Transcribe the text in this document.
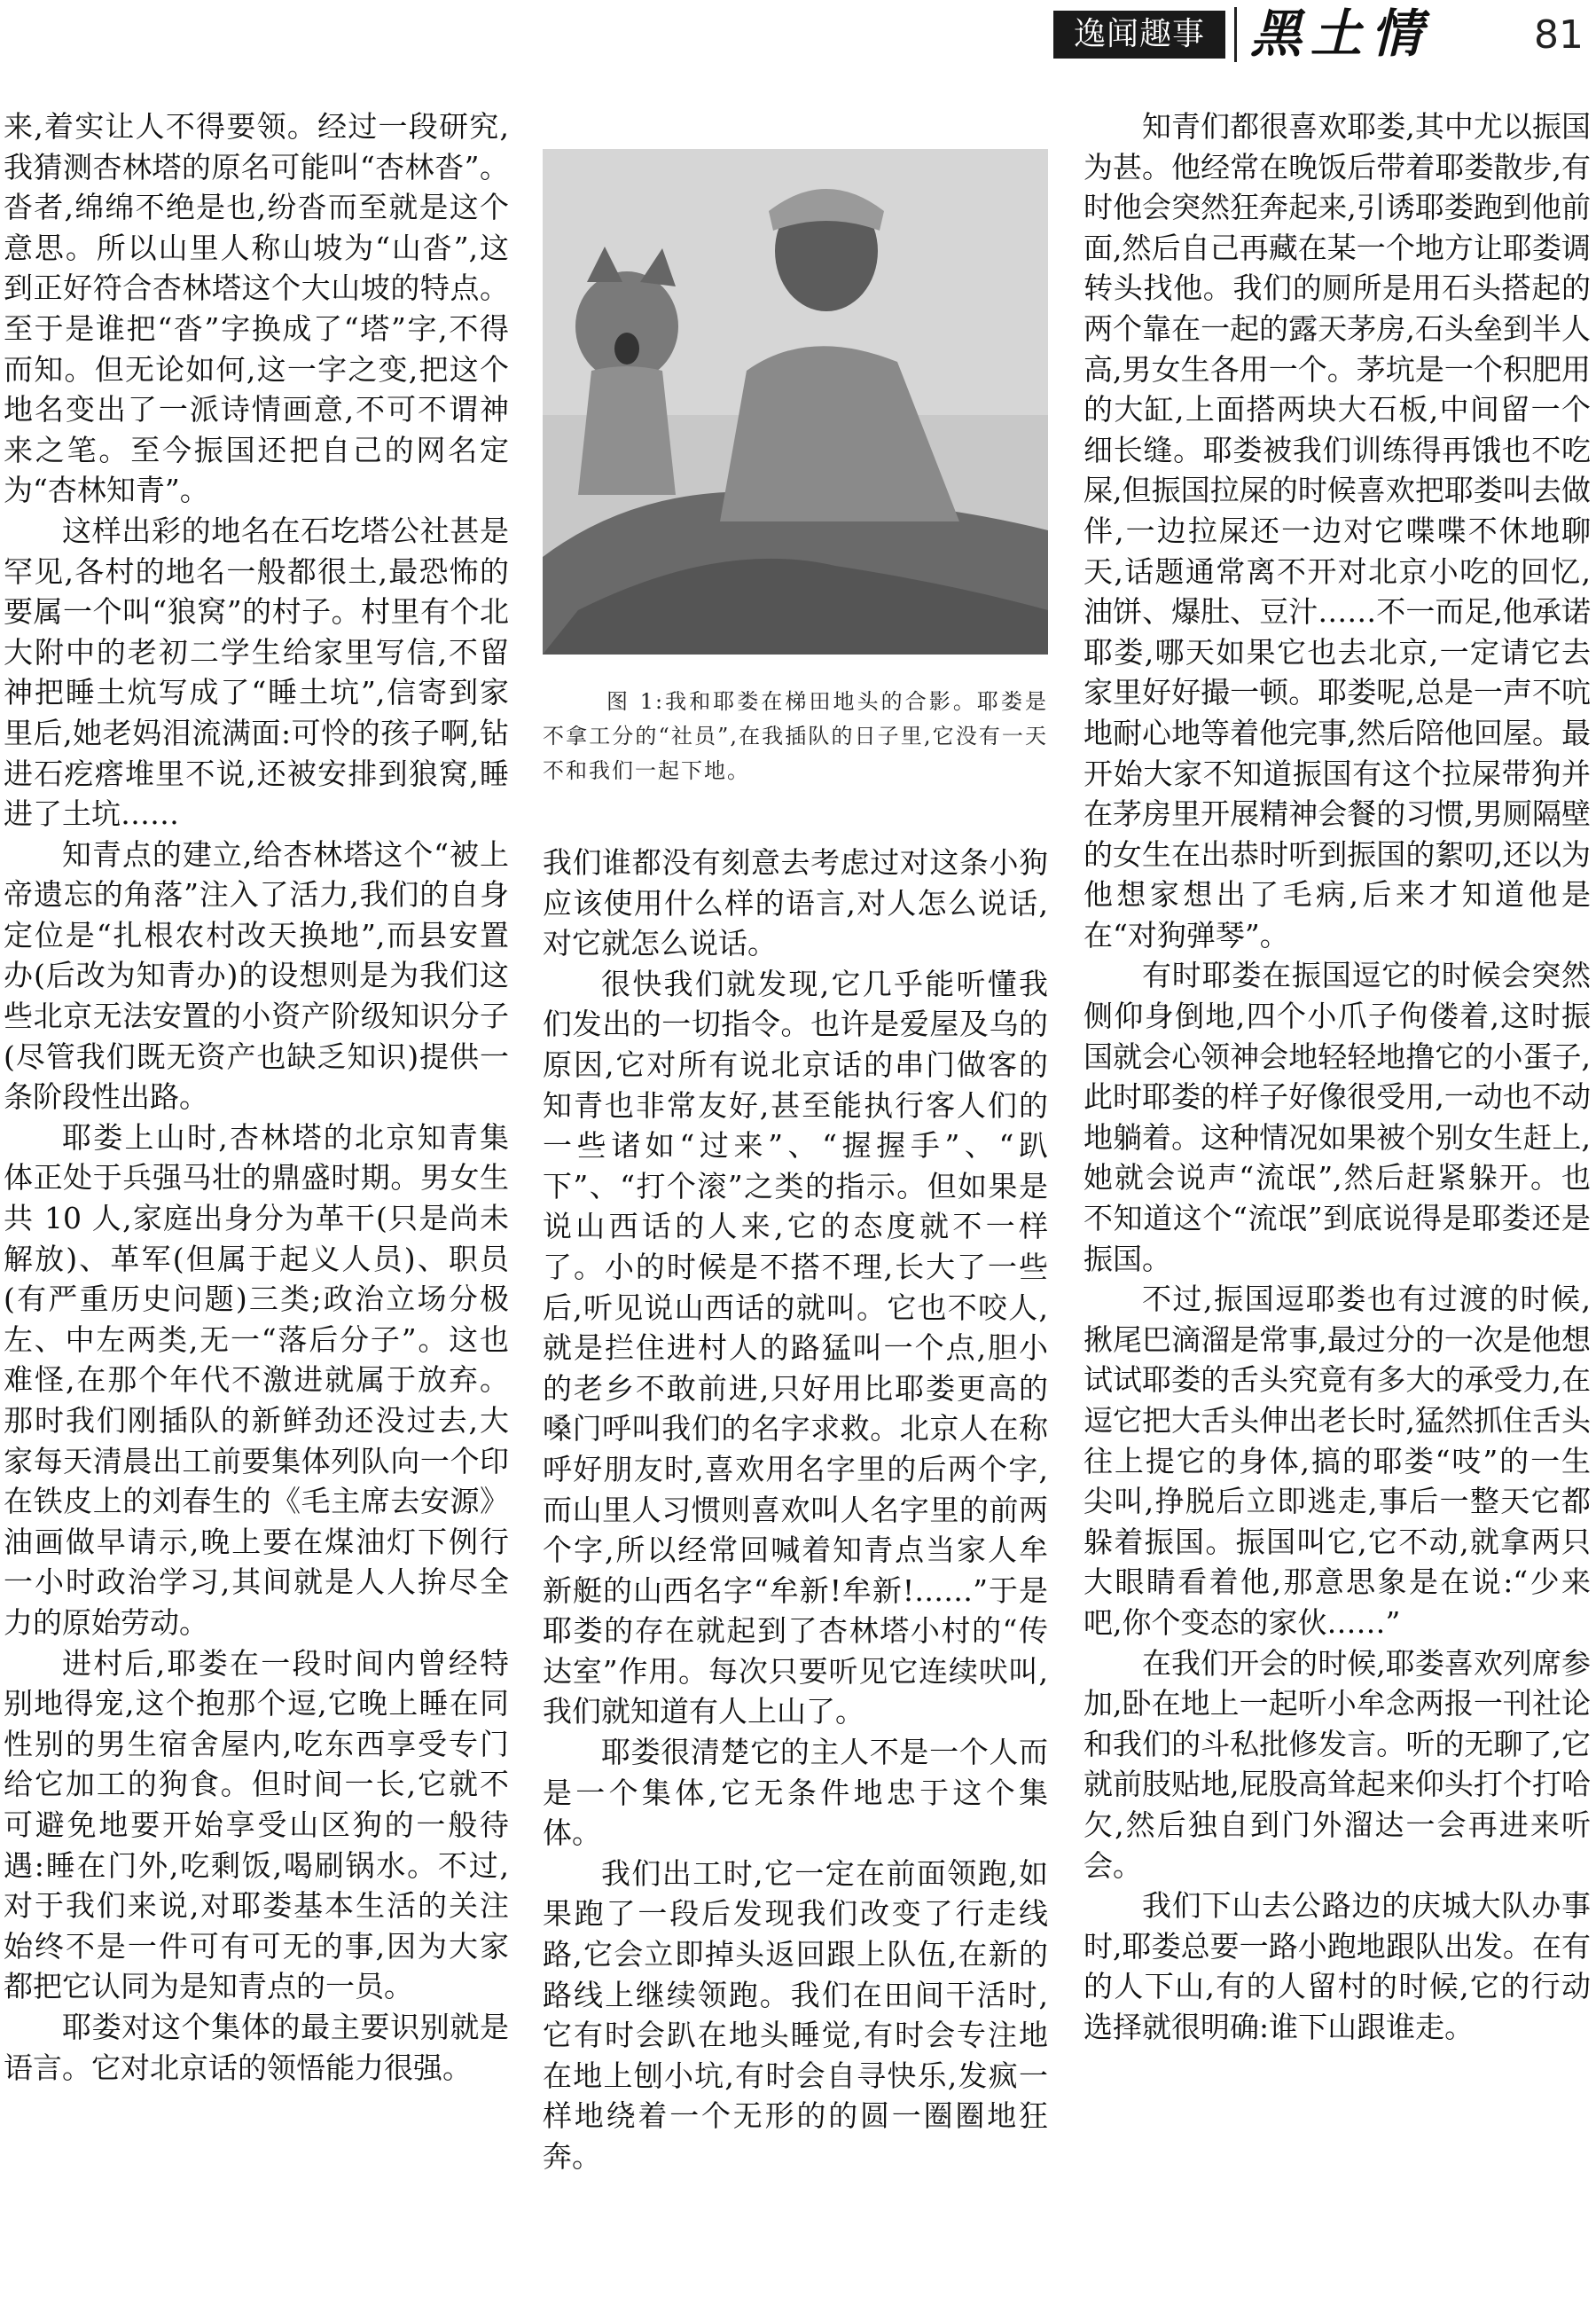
逸闻趣事 黑土情	81

来,着实让人不得要领。经过一段研究,我猜测杏林塔的原名可能叫“杏林沓”。沓者,绵绵不绝是也,纷沓而至就是这个意思。所以山里人称山坡为“山沓”,这到正好符合杏林塔这个大山坡的特点。至于是谁把“沓”字换成了“塔”字,不得而知。但无论如何,这一字之变,把这个地名变出了一派诗情画意,不可不谓神来之笔。至今振国还把自己的网名定为“杏林知青”。

这样出彩的地名在石圪塔公社甚是罕见,各村的地名一般都很土,最恐怖的要属一个叫“狼窝”的村子。村里有个北大附中的老初二学生给家里写信,不留神把睡土炕写成了“睡土坑”,信寄到家里后,她老妈泪流满面:可怜的孩子啊,钻进石疙瘩堆里不说,还被安排到狼窝,睡进了土坑……

知青点的建立,给杏林塔这个“被上帝遗忘的角落”注入了活力,我们的自身定位是“扎根农村改天换地”,而县安置办(后改为知青办)的设想则是为我们这些北京无法安置的小资产阶级知识分子(尽管我们既无资产也缺乏知识)提供一条阶段性出路。

耶娄上山时,杏林塔的北京知青集体正处于兵强马壮的鼎盛时期。男女生共 10 人,家庭出身分为革干(只是尚未解放)、革军(但属于起义人员)、职员(有严重历史问题)三类;政治立场分极左、中左两类,无一“落后分子”。这也难怪,在那个年代不激进就属于放弃。那时我们刚插队的新鲜劲还没过去,大家每天清晨出工前要集体列队向一个印在铁皮上的刘春生的《毛主席去安源》油画做早请示,晚上要在煤油灯下例行一小时政治学习,其间就是人人拚尽全力的原始劳动。

进村后,耶娄在一段时间内曾经特别地得宠,这个抱那个逗,它晚上睡在同性别的男生宿舍屋内,吃东西享受专门给它加工的狗食。但时间一长,它就不可避免地要开始享受山区狗的一般待遇:睡在门外,吃剩饭,喝刷锅水。不过,对于我们来说,对耶娄基本生活的关注始终不是一件可有可无的事,因为大家都把它认同为是知青点的一员。

耶娄对这个集体的最主要识别就是语言。它对北京话的领悟能力很强。

图 1:我和耶娄在梯田地头的合影。耶娄是不拿工分的“社员”,在我插队的日子里,它没有一天不和我们一起下地。

我们谁都没有刻意去考虑过对这条小狗应该使用什么样的语言,对人怎么说话,对它就怎么说话。

很快我们就发现,它几乎能听懂我们发出的一切指令。也许是爱屋及乌的原因,它对所有说北京话的串门做客的知青也非常友好,甚至能执行客人们的一些诸如“过来”、“握握手”、“趴下”、“打个滚”之类的指示。但如果是说山西话的人来,它的态度就不一样了。小的时候是不搭不理,长大了一些后,听见说山西话的就叫。它也不咬人,就是拦住进村人的路猛叫一个点,胆小的老乡不敢前进,只好用比耶娄更高的嗓门呼叫我们的名字求救。北京人在称呼好朋友时,喜欢用名字里的后两个字,而山里人习惯则喜欢叫人名字里的前两个字,所以经常回喊着知青点当家人牟新艇的山西名字“牟新!牟新!……”于是耶娄的存在就起到了杏林塔小村的“传达室”作用。每次只要听见它连续吠叫,我们就知道有人上山了。

耶娄很清楚它的主人不是一个人而是一个集体,它无条件地忠于这个集体。

我们出工时,它一定在前面领跑,如果跑了一段后发现我们改变了行走线路,它会立即掉头返回跟上队伍,在新的路线上继续领跑。我们在田间干活时,它有时会趴在地头睡觉,有时会专注地在地上刨小坑,有时会自寻快乐,发疯一样地绕着一个无形的的圆一圈圈地狂奔。

知青们都很喜欢耶娄,其中尤以振国为甚。他经常在晚饭后带着耶娄散步,有时他会突然狂奔起来,引诱耶娄跑到他前面,然后自己再藏在某一个地方让耶娄调转头找他。我们的厕所是用石头搭起的两个靠在一起的露天茅房,石头垒到半人高,男女生各用一个。茅坑是一个积肥用的大缸,上面搭两块大石板,中间留一个细长缝。耶娄被我们训练得再饿也不吃屎,但振国拉屎的时候喜欢把耶娄叫去做伴,一边拉屎还一边对它喋喋不休地聊天,话题通常离不开对北京小吃的回忆,油饼、爆肚、豆汁……不一而足,他承诺耶娄,哪天如果它也去北京,一定请它去家里好好撮一顿。耶娄呢,总是一声不吭地耐心地等着他完事,然后陪他回屋。最开始大家不知道振国有这个拉屎带狗并在茅房里开展精神会餐的习惯,男厕隔壁的女生在出恭时听到振国的絮叨,还以为他想家想出了毛病,后来才知道他是在“对狗弹琴”。

有时耶娄在振国逗它的时候会突然侧仰身倒地,四个小爪子佝偻着,这时振国就会心领神会地轻轻地撸它的小蛋子,此时耶娄的样子好像很受用,一动也不动地躺着。这种情况如果被个别女生赶上,她就会说声“流氓”,然后赶紧躲开。也不知道这个“流氓”到底说得是耶娄还是振国。

不过,振国逗耶娄也有过渡的时候,揪尾巴滴溜是常事,最过分的一次是他想试试耶娄的舌头究竟有多大的承受力,在逗它把大舌头伸出老长时,猛然抓住舌头往上提它的身体,搞的耶娄“吱”的一生尖叫,挣脱后立即逃走,事后一整天它都躲着振国。振国叫它,它不动,就拿两只大眼睛看着他,那意思象是在说:“少来吧,你个变态的家伙……”

在我们开会的时候,耶娄喜欢列席参加,卧在地上一起听小牟念两报一刊社论和我们的斗私批修发言。听的无聊了,它就前肢贴地,屁股高耸起来仰头打个打哈欠,然后独自到门外溜达一会再进来听会。

我们下山去公路边的庆城大队办事时,耶娄总要一路小跑地跟队出发。在有的人下山,有的人留村的时候,它的行动选择就很明确:谁下山跟谁走。
